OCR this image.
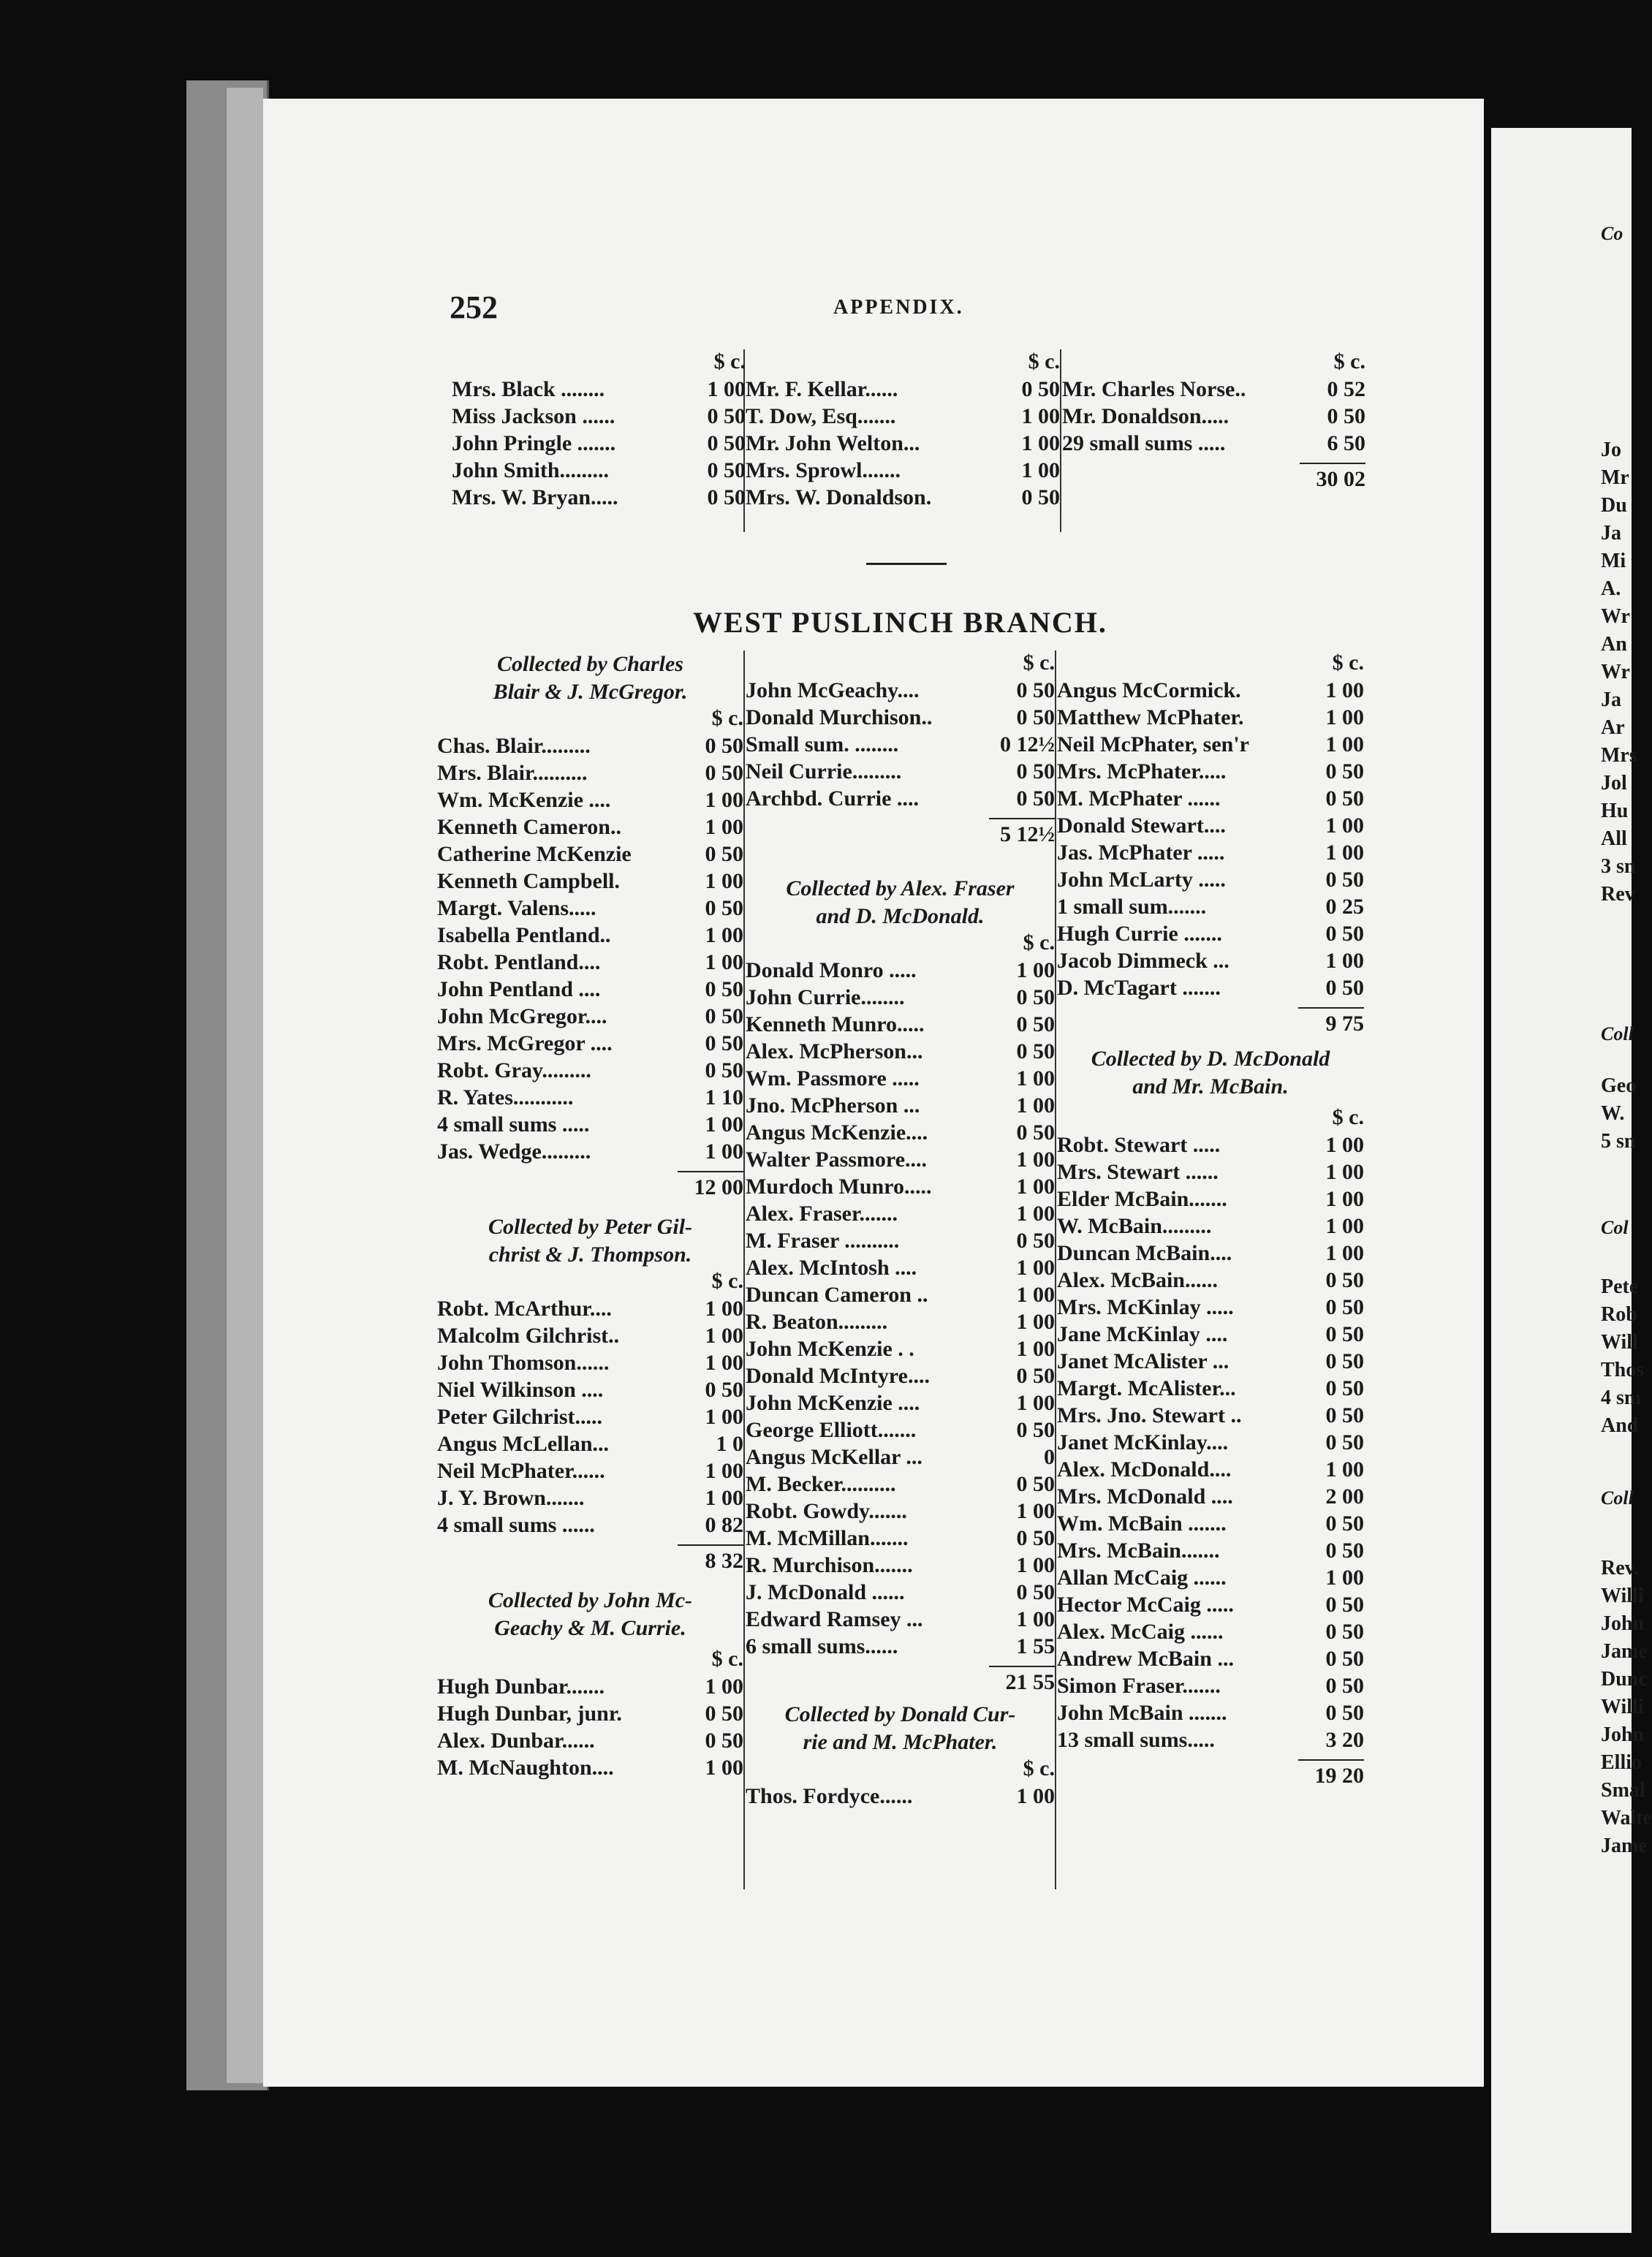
Co
Jo
Mr
Du
Ja
Mi
A.
Wr
An
Wr
Ja
Ar
Mrs
Jol
Hu
All
3 sn
Rev
Coll
Geo
W.
5 sn
Col
Pete
Rob
Will
Thos
4 sm
And
Coll
Rev.
Willi
John
Jame
Dunc
Willi
John
Ellio
Smal
Walte
Jame
252	APPENDIX.
WEST PUSLINCH BRANCH.
$ c.
Mrs. Black ........	1 00
Miss Jackson ......	0 50
John Pringle .......	0 50
John Smith.........	0 50
Mrs. W. Bryan.....	0 50
$ c.
Mr. F. Kellar......	0 50
T. Dow, Esq.......	1 00
Mr. John Welton...	1 00
Mrs. Sprowl.......	1 00
Mrs. W. Donaldson.	0 50
$ c.
Mr. Charles Norse..	0 52
Mr. Donaldson.....	0 50
29 small sums .....	6 50
30 02
Collected by Charles
Blair & J. McGregor.
$ c.
Chas. Blair.........	0 50
Mrs. Blair..........	0 50
Wm. McKenzie ....	1 00
Kenneth Cameron..	1 00
Catherine McKenzie	0 50
Kenneth Campbell.	1 00
Margt. Valens.....	0 50
Isabella Pentland..	1 00
Robt. Pentland....	1 00
John Pentland ....	0 50
John McGregor....	0 50
Mrs. McGregor ....	0 50
Robt. Gray.........	0 50
R. Yates...........	1 10
4 small sums .....	1 00
Jas. Wedge.........	1 00
12 00
Collected by Peter Gil-
christ & J. Thompson.
$ c.
Robt. McArthur....	1 00
Malcolm Gilchrist..	1 00
John Thomson......	1 00
Niel Wilkinson ....	0 50
Peter Gilchrist.....	1 00
Angus McLellan...	1 0
Neil McPhater......	1 00
J. Y. Brown.......	1 00
4 small sums ......	0 82
8 32
Collected by John Mc-
Geachy & M. Currie.
$ c.
Hugh Dunbar.......	1 00
Hugh Dunbar, junr.	0 50
Alex. Dunbar......	0 50
M. McNaughton....	1 00
$ c.
John McGeachy....	0 50
Donald Murchison..	0 50
Small sum. ........	0 12½
Neil Currie.........	0 50
Archbd. Currie ....	0 50
5 12½
Collected by Alex. Fraser
and D. McDonald.
$ c.
Donald Monro .....	1 00
John Currie........	0 50
Kenneth Munro.....	0 50
Alex. McPherson...	0 50
Wm. Passmore .....	1 00
Jno. McPherson ...	1 00
Angus McKenzie....	0 50
Walter Passmore....	1 00
Murdoch Munro.....	1 00
Alex. Fraser.......	1 00
M. Fraser ..........	0 50
Alex. McIntosh ....	1 00
Duncan Cameron ..	1 00
R. Beaton.........	1 00
John McKenzie . .	1 00
Donald McIntyre....	0 50
John McKenzie ....	1 00
George Elliott.......	0 50
Angus McKellar ...	0
M. Becker..........	0 50
Robt. Gowdy.......	1 00
M. McMillan.......	0 50
R. Murchison.......	1 00
J. McDonald ......	0 50
Edward Ramsey ...	1 00
6 small sums......	1 55
21 55
Collected by Donald Cur-
rie and M. McPhater.
$ c.
Thos. Fordyce......	1 00
$ c.
Angus McCormick.	1 00
Matthew McPhater.	1 00
Neil McPhater, sen'r	1 00
Mrs. McPhater.....	0 50
M. McPhater ......	0 50
Donald Stewart....	1 00
Jas. McPhater .....	1 00
John McLarty .....	0 50
1 small sum.......	0 25
Hugh Currie .......	0 50
Jacob Dimmeck ...	1 00
D. McTagart .......	0 50
9 75
Collected by D. McDonald
and Mr. McBain.
$ c.
Robt. Stewart .....	1 00
Mrs. Stewart ......	1 00
Elder McBain.......	1 00
W. McBain.........	1 00
Duncan McBain....	1 00
Alex. McBain......	0 50
Mrs. McKinlay .....	0 50
Jane McKinlay ....	0 50
Janet McAlister ...	0 50
Margt. McAlister...	0 50
Mrs. Jno. Stewart ..	0 50
Janet McKinlay....	0 50
Alex. McDonald....	1 00
Mrs. McDonald ....	2 00
Wm. McBain .......	0 50
Mrs. McBain.......	0 50
Allan McCaig ......	1 00
Hector McCaig .....	0 50
Alex. McCaig ......	0 50
Andrew McBain ...	0 50
Simon Fraser.......	0 50
John McBain .......	0 50
13 small sums.....	3 20
19 20
